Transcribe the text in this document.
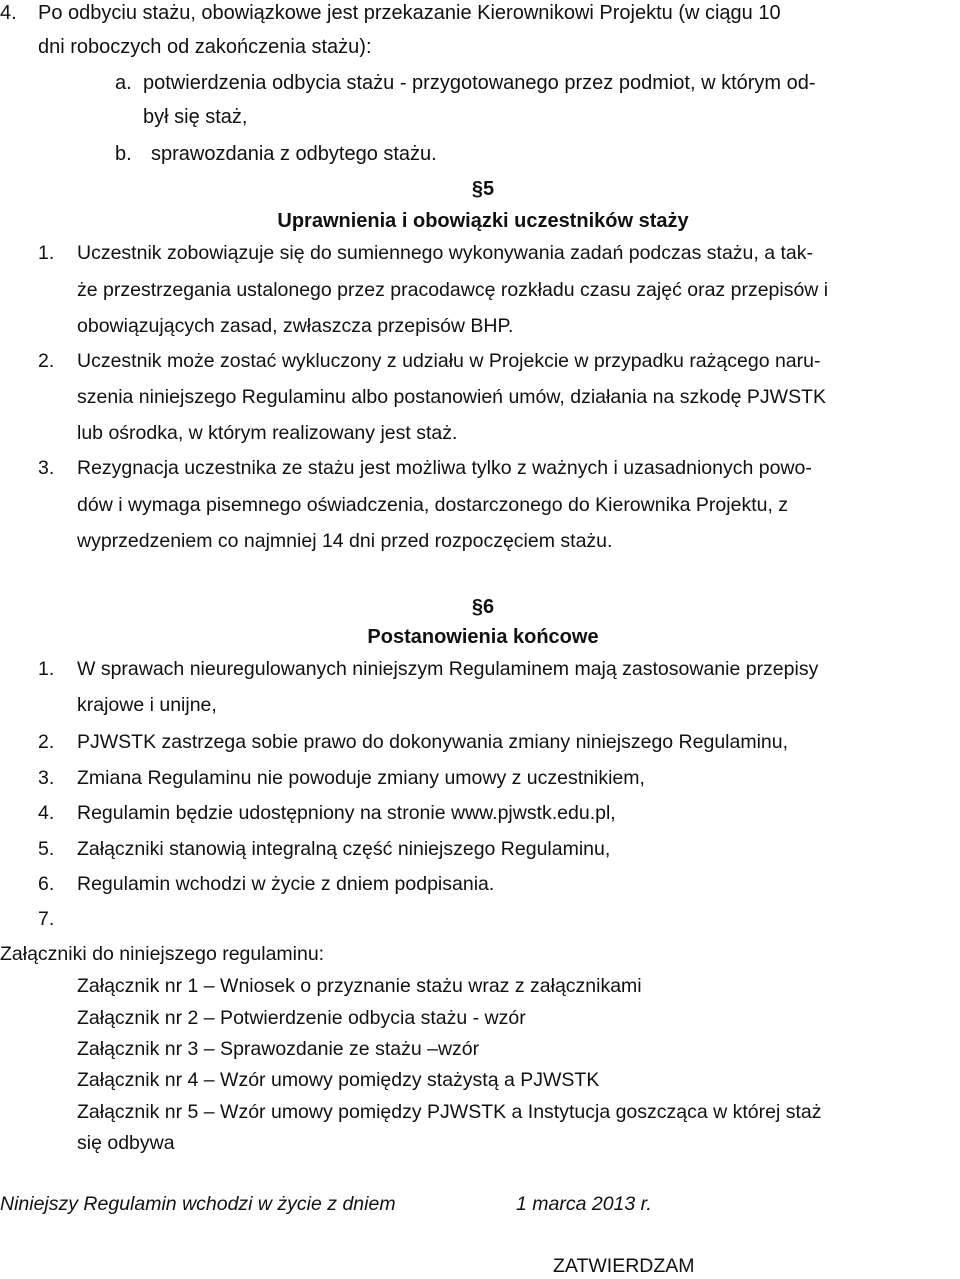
4. Po odbyciu stażu, obowiązkowe jest przekazanie Kierownikowi Projektu (w ciągu 10
dni roboczych od zakończenia stażu):
a. potwierdzenia odbycia stażu - przygotowanego przez podmiot, w którym od-
był się staż,
b. sprawozdania z odbytego stażu.
§5
Uprawnienia i obowiązki uczestników staży
1. Uczestnik zobowiązuje się do sumiennego wykonywania zadań podczas stażu, a tak-
że przestrzegania ustalonego przez pracodawcę rozkładu czasu zajęć oraz przepisów i
obowiązujących zasad, zwłaszcza przepisów BHP.
2. Uczestnik może zostać wykluczony z udziału w Projekcie w przypadku rażącego naru-
szenia niniejszego Regulaminu albo postanowień umów, działania na szkodę PJWSTK
lub ośrodka, w którym realizowany jest staż.
3. Rezygnacja uczestnika ze stażu jest możliwa tylko z ważnych i uzasadnionych powo-
dów i wymaga pisemnego oświadczenia, dostarczonego do Kierownika Projektu, z
wyprzedzeniem co najmniej 14 dni przed rozpoczęciem stażu.
§6
Postanowienia końcowe
1. W sprawach nieuregulowanych niniejszym Regulaminem mają zastosowanie przepisy
krajowe i unijne,
2. PJWSTK zastrzega sobie prawo do dokonywania zmiany niniejszego Regulaminu,
3. Zmiana Regulaminu nie powoduje zmiany umowy z uczestnikiem,
4. Regulamin będzie udostępniony na stronie www.pjwstk.edu.pl,
5. Załączniki stanowią integralną część niniejszego Regulaminu,
6. Regulamin wchodzi w życie z dniem podpisania.
7.
Załączniki do niniejszego regulaminu:
Załącznik nr 1 – Wniosek o przyznanie stażu wraz z załącznikami
Załącznik nr 2 – Potwierdzenie odbycia stażu - wzór
Załącznik nr 3 – Sprawozdanie ze stażu –wzór
Załącznik nr 4 – Wzór umowy pomiędzy stażystą a PJWSTK
Załącznik nr 5 – Wzór umowy pomiędzy PJWSTK a Instytucja goszcząca w której staż
się odbywa
Niniejszy Regulamin wchodzi w życie z dniem	1 marca 2013 r.
ZATWIERDZAM
